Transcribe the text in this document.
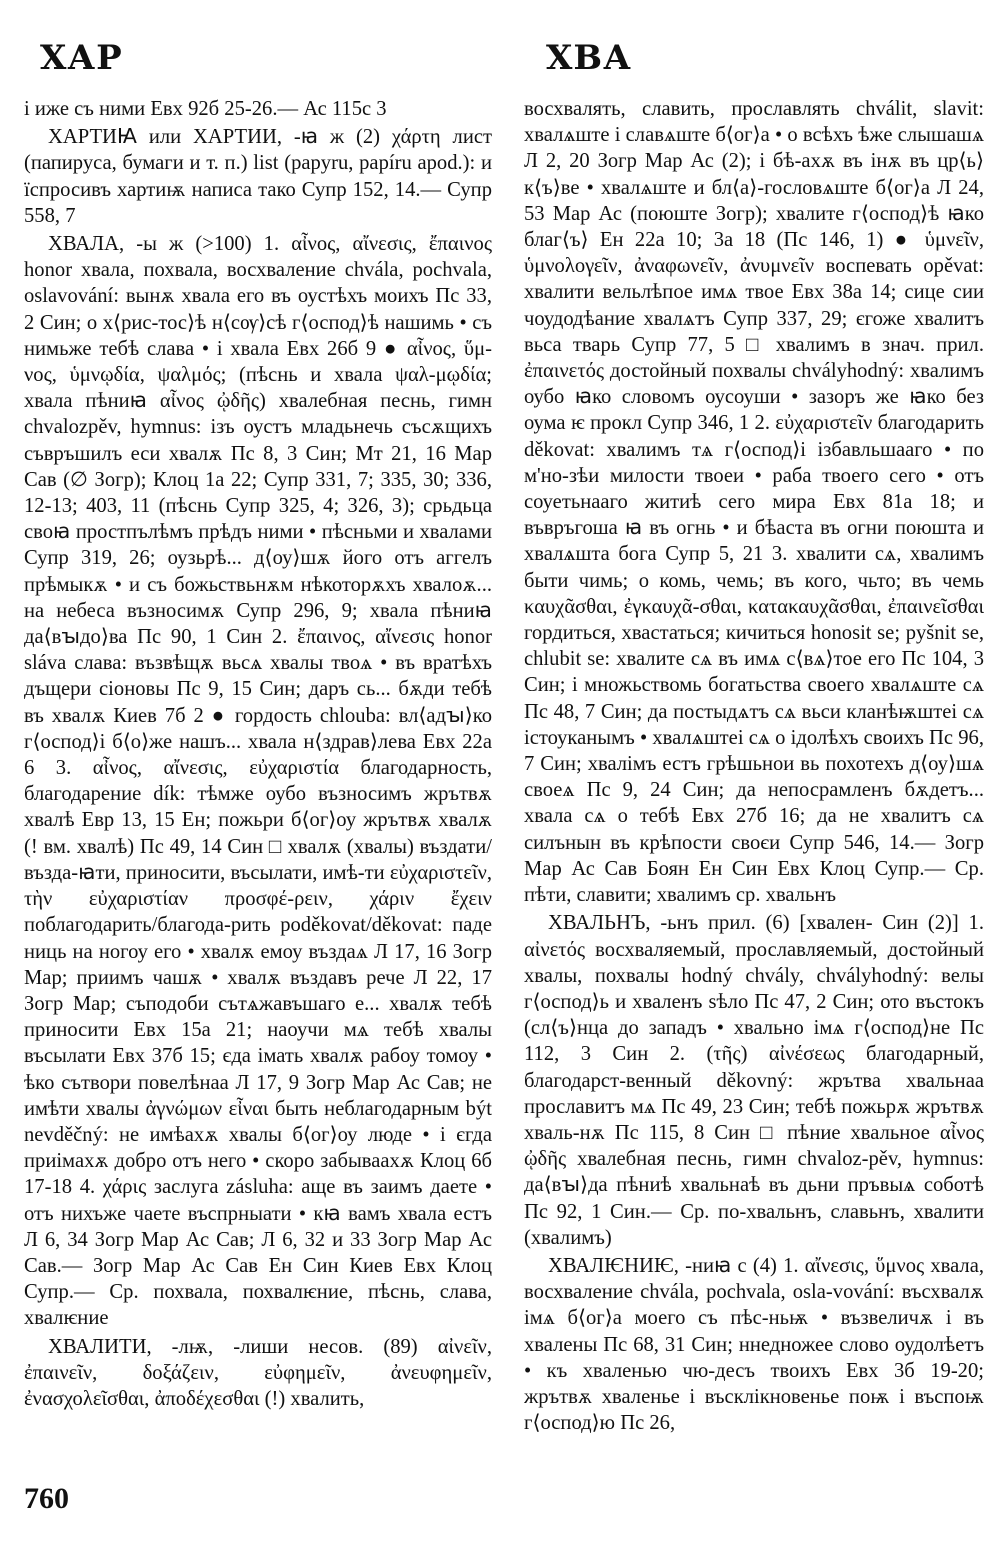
ХАР	ХВА

і иже съ ними Евх 92б 25-26.— Ас 115с 3

ХАРТИꙖ или ХАРТИИ, -ꙗ ж (2) χάρτη лист (папируса, бумаги и т. п.) list (papyru, papíru apod.): и їспросивъ хартиѭ написа тако Супр 152, 14.— Супр 558, 7

ХВАЛА, -ы ж (>100) 1. αἶνος, αἴνεσις, ἔπαινος honor хвала, похвала, восхваление chvála, pochvala, oslavování: вынѫ хвала его въ оустѣхъ моихъ Пс 33, 2 Син; о х⟨рис-тос⟩ѣ н⟨сѹ⟩сѣ г⟨оспод⟩ѣ нашимь • съ нимьже тебѣ слава • і хвала Евх 26б 9 ● αἶνος, ὕμ-νος, ὑμνῳδία, ψαλμός; (пѣснь и хвала ψαλ-μῳδία; хвала пѣниꙗ αἶνος ᾠδῆς) хвалебная песнь, гимн chvalozpěv, hymnus: ізъ оустъ младьнечь съсѫщихъ съвръшилъ еси хвалѫ Пс 8, 3 Син; Мт 21, 16 Мар Сав (∅ Зогр); Клоц 1а 22; Супр 331, 7; 335, 30; 336, 12-13; 403, 11 (пѣснь Супр 325, 4; 326, 3); срьдьца своꙗ простпълѣмъ прѣдъ ними • пѣсньми и хвалами Супр 319, 26; оузьрѣ... д⟨оу⟩шѫ його отъ аггелъ прѣмыкѫ • и съ божьствьнѫм нѣкоторѫхъ хвалоѫ... на небеса възносимѫ Супр 296, 9; хвала пѣниꙗ да⟨вꙑдо⟩ва Пс 90, 1 Син 2. ἔπαινος, αἴνεσις honor sláva слава: възвѣщѫ вьсѧ хвалы твоѧ • въ вратѣхъ дъщери сіоновы Пс 9, 15 Син; даръ сь... бѫди тебѣ въ хвалѫ Киев 7б 2 ● гордость chlouba: вл⟨адꙑ⟩ко г⟨оспод⟩і б⟨о⟩же нашъ... хвала н⟨здрав⟩лева Евх 22а 6 3. αἶνος, αἴνεσις, εὐχαριστία благодарность, благодарение dík: тѣмже оубо възносимъ жрътвѫ хвалѣ Евр 13, 15 Ен; пожьри б⟨ог⟩оу жрътвѫ хвалѫ (! вм. хвалѣ) Пс 49, 14 Син □ хвалѫ (хвалы) въздати/възда-ꙗти, приносити, въсылати, имѣ-ти εὐχαριστεῖν, τὴν εὐχαριστίαν προσφέ-ρειν, χάριν ἔχειν поблагодарить/благода-рить poděkovat/děkovat: паде ниць на ногоу его • хвалѫ емоу въздаѧ Л 17, 16 Зогр Мар; приимъ чашѫ • хвалѫ въздавъ рече Л 22, 17 Зогр Мар; съподоби сътѧжавъшаго е... хвалѫ тебѣ приносити Евх 15а 21; наоучи мѧ тебѣ хвалы въсылати Евх 37б 15; єда імать хвалѫ рабоу томоу • ѣко сътвори повелѣнаа Л 17, 9 Зогр Мар Ас Сав; не имѣти хвалы ἀγνώμων εἶναι быть неблагодарным být nevděčný: не имѣахѫ хвалы б⟨ог⟩оу люде • і єгда приімахѫ добро отъ него • скоро забываахѫ Клоц 6б 17-18 4. χάρις заслуга zásluha: аще въ заимъ даете • отъ нихъже чаете въспрныати • кꙗ вамъ хвала естъ Л 6, 34 Зогр Мар Ас Сав; Л 6, 32 и 33 Зогр Мар Ас Сав.— Зогр Мар Ас Сав Ен Син Киев Евх Клоц Супр.— Ср. похвала, похвалѥние, пѣснь, слава, хвалѥние

ХВАЛИТИ, -лѭ, -лиши несов. (89) αἰνεῖν, ἐπαινεῖν, δοξάζειν, εὐφημεῖν, ἀνευφημεῖν, ἐνασχολεῖσθαι, ἀποδέχεσθαι (!) хвалить,

восхвалять, славить, прославлять chválit, slavit: хвалѧште і славѧште б⟨ог⟩а • о всѣхъ ѣже слышашѧ Л 2, 20 Зогр Мар Ас (2); і бѣ-ахѫ въ інѫ въ цр⟨ь⟩к⟨ъ⟩ве • хвалѧште и бл⟨а⟩-гословѧште б⟨ог⟩а Л 24, 53 Мар Ас (поюште Зогр); хвалите г⟨оспод⟩ѣ ꙗко благ⟨ъ⟩ Ен 22а 10; 3а 18 (Пс 146, 1) ● ὑμνεῖν, ὑμνολογεῖν, ἀναφωνεῖν, ἀνυμνεῖν воспевать opěvat: хвалити вельлѣпое имѧ твое Евх 38а 14; сице сии чоудодѣание хвалѧтъ Супр 337, 29; єгоже хвалитъ вьса тварь Супр 77, 5 □ хвалимъ в знач. прил. ἐπαινετός достойный похвалы chvályhodný: хвалимъ оубо ꙗко словомъ оусоуши • зазоръ же ꙗко без оума ѥ прокл Супр 346, 1 2. εὐχαριστεῖν благодарить děkovat: хвалимъ тѧ г⟨оспод⟩і ізбавльшааго • по м'но-зѣи милости твоеи • раба твоего сего • отъ соуетьнааго житиѣ сего мира Евх 81а 18; и въвръгоша ꙗ въ огнь • и бѣаста въ огни поюшта и хвалѧшта бога Супр 5, 21 3. хвалити сѧ, хвалимъ быти чимь; о комь, чемь; въ кого, чьто; въ чемь καυχᾶσθαι, ἐγκαυχᾶ-σθαι, κατακαυχᾶσθαι, ἐπαινεῖσθαι гордиться, хвастаться; кичиться honosit se; pyšnit se, chlubit se: хвалите сѧ въ имѧ с⟨вѧ⟩тое его Пс 104, 3 Син; і множьствомь богатьства своего хвалѧште сѧ Пс 48, 7 Син; да постыдѧтъ сѧ вьси кланѣѭштеі сѧ істоуканымъ • хвалѧштеі сѧ о ідолѣхъ своихъ Пс 96, 7 Син; хвалімъ естъ грѣшьнои вь похотехъ д⟨оу⟩шѧ своеѧ Пс 9, 24 Син; да непосрамленъ бѫдетъ... хвала сѧ о тебѣ Евх 27б 16; да не хвалитъ сѧ силънын въ крѣпости своєи Супр 546, 14.— Зогр Мар Ас Сав Боян Ен Син Евх Клоц Супр.— Ср. пѣти, славити; хвалимъ ср. хвальнъ

ХВАЛЬНЪ, -ьнъ прил. (6) [хвален- Син (2)] 1. αἰνετός восхваляемый, прославляемый, достойный хвалы, похвалы hodný chvály, chvályhodný: велы г⟨оспод⟩ь и хваленъ ѕѣло Пс 47, 2 Син; ото въстокъ (сл⟨ъ⟩нца до западъ • хвально імѧ г⟨оспод⟩не Пс 112, 3 Син 2. (τῆς) αἰνέσεως благодарный, благодарст-венный děkovný: жрътва хвальнаа прославитъ мѧ Пс 49, 23 Син; тебѣ пожьрѫ жрътвѫ хваль-нѫ Пс 115, 8 Син □ пѣние хвальное αἶνος ᾠδῆς хвалебная песнь, гимн chvaloz-pěv, hymnus: да⟨вꙑ⟩да пѣниѣ хвальнаѣ въ дьни пръвыѧ соботѣ Пс 92, 1 Син.— Ср. по-хвальнъ, славьнъ, хвалити (хвалимъ)

ХВАЛѤНИѤ, -ниꙗ с (4) 1. αἴνεσις, ὕμνος хвала, восхваление chvála, pochvala, osla-vování: въсхвалѫ імѧ б⟨ог⟩а моего съ пѣс-ньѭ • възвеличѫ і въ хвалены Пс 68, 31 Син; ннедножее слово оудолѣетъ • къ хваленью чю-десъ твоихъ Евх 3б 19-20; жрътвѫ хваленье і въсклікновенье поѭ і въспоѭ г⟨оспод⟩ю Пс 26,

760
